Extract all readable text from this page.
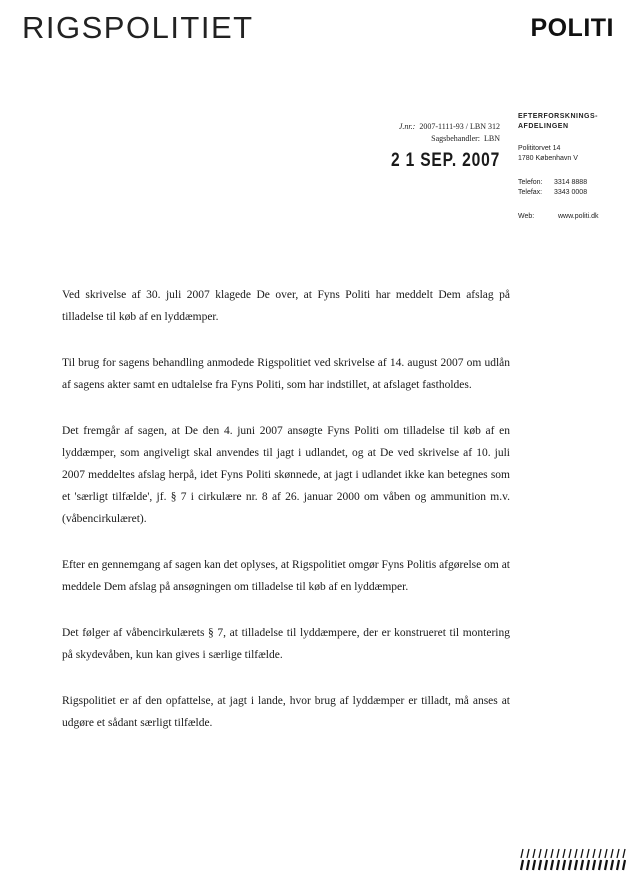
RIGSPOLITIET	POLITI
J.nr.: 2007-1111-93 / LBN 312
Sagsbehandler: LBN
2 1 SEP. 2007
EFTERFORSKNINGS-
AFDELINGEN
Polititorvet 14
1780 København V
Telefon:	3314 8888
Telefax:	3343 0008
Web:	www.politi.dk

Ved skrivelse af 30. juli 2007 klagede De over, at Fyns Politi har meddelt Dem afslag på tilladelse til køb af en lyddæmper.

Til brug for sagens behandling anmodede Rigspolitiet ved skrivelse af 14. august 2007 om udlån af sagens akter samt en udtalelse fra Fyns Politi, som har indstillet, at afslaget fastholdes.

Det fremgår af sagen, at De den 4. juni 2007 ansøgte Fyns Politi om tilladelse til køb af en lyddæmper, som angiveligt skal anvendes til jagt i udlandet, og at De ved skrivelse af 10. juli 2007 meddeltes afslag herpå, idet Fyns Politi skønnede, at jagt i udlandet ikke kan betegnes som et 'særligt tilfælde', jf. § 7 i cirkulære nr. 8 af 26. januar 2000 om våben og ammunition m.v. (våbencirkulæret).

Efter en gennemgang af sagen kan det oplyses, at Rigspolitiet omgør Fyns Politis afgørelse om at meddele Dem afslag på ansøgningen om tilladelse til køb af en lyddæmper.

Det følger af våbencirkulærets § 7, at tilladelse til lyddæmpere, der er konstrueret til montering på skydevåben, kun kan gives i særlige tilfælde.

Rigspolitiet er af den opfattelse, at jagt i lande, hvor brug af lyddæmper er tilladt, må anses at udgøre et sådant særligt tilfælde.
